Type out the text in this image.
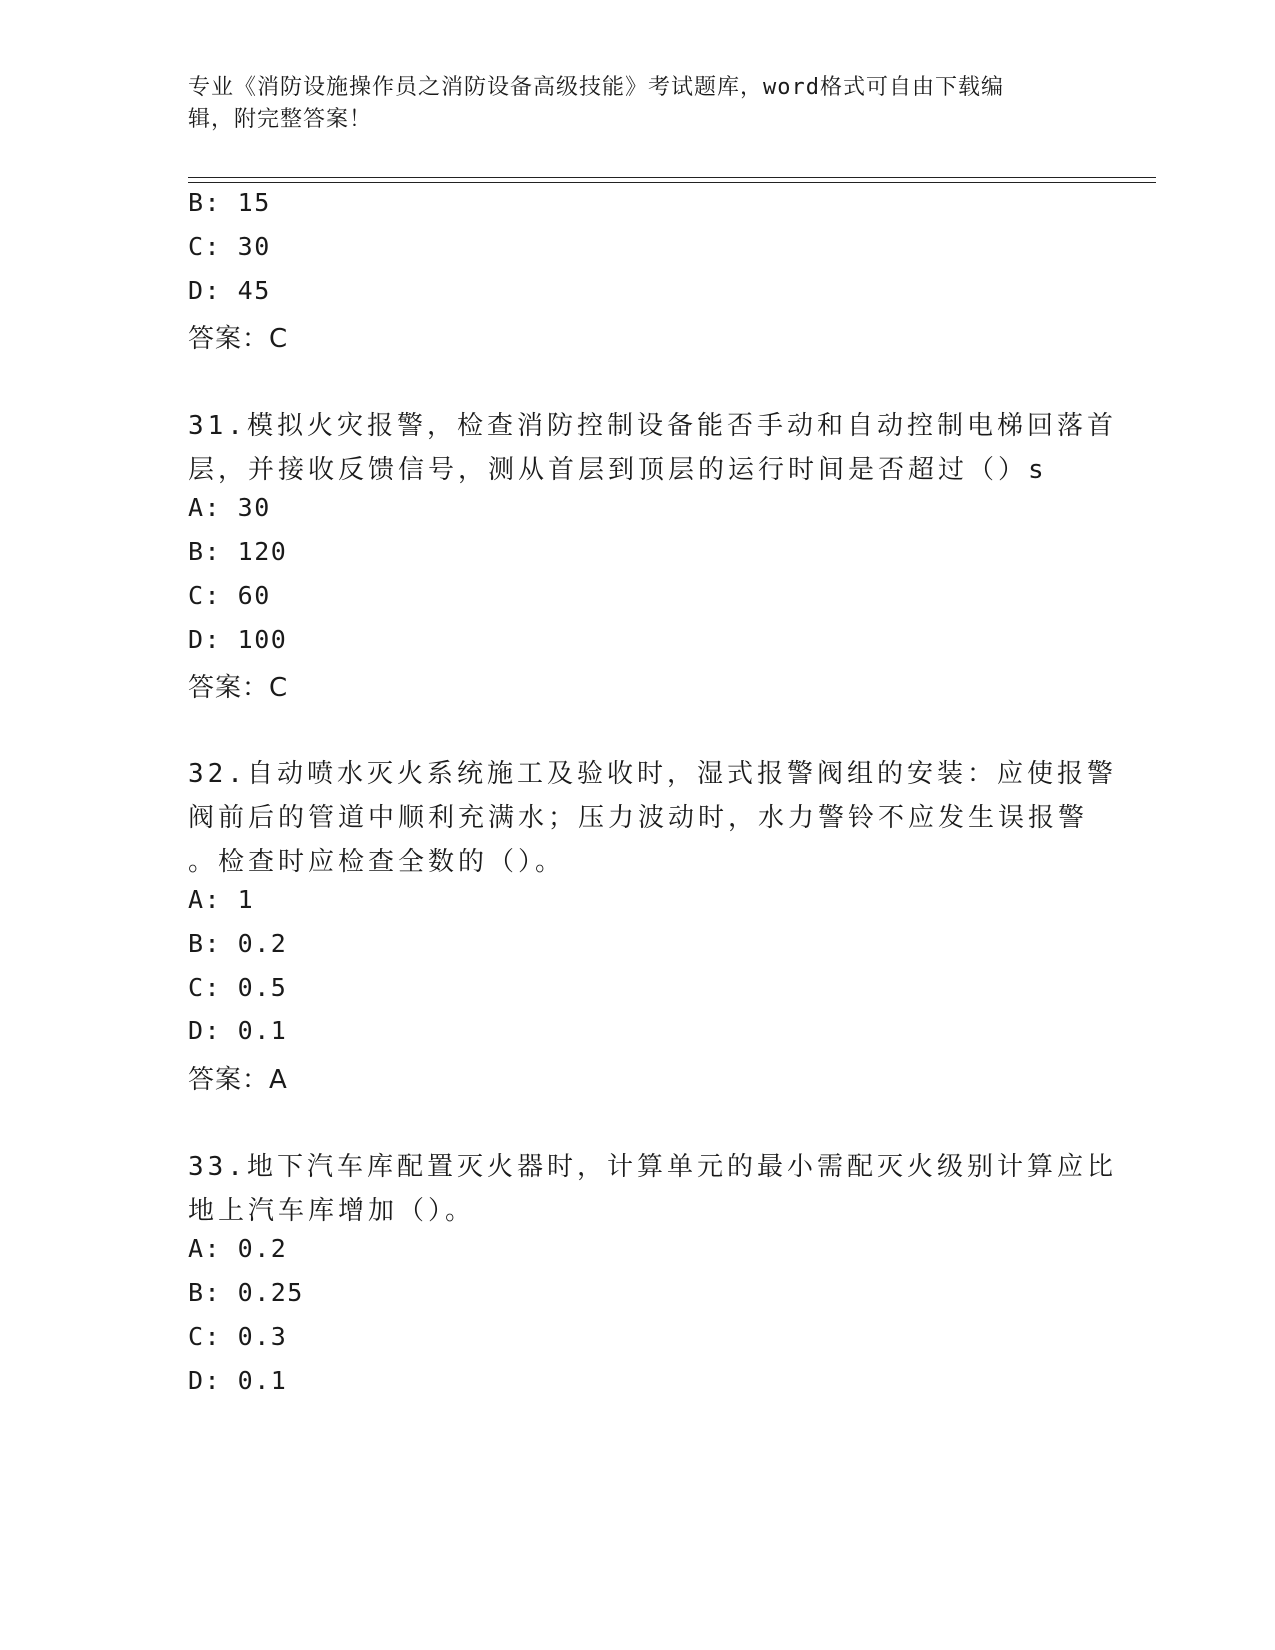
专业《消防设施操作员之消防设备高级技能》考试题库，word格式可自由下载编
辑，附完整答案！
B: 15
C: 30
D: 45
答案：C
31.模拟火灾报警，检查消防控制设备能否手动和自动控制电梯回落首
层，并接收反馈信号，测从首层到顶层的运行时间是否超过（）s
A: 30
B: 120
C: 60
D: 100
答案：C
32.自动喷水灭火系统施工及验收时，湿式报警阀组的安装：应使报警
阀前后的管道中顺利充满水；压力波动时，水力警铃不应发生误报警
。检查时应检查全数的（）。
A: 1
B: 0.2
C: 0.5
D: 0.1
答案：A
33.地下汽车库配置灭火器时，计算单元的最小需配灭火级别计算应比
地上汽车库增加（）。
A: 0.2
B: 0.25
C: 0.3
D: 0.1
